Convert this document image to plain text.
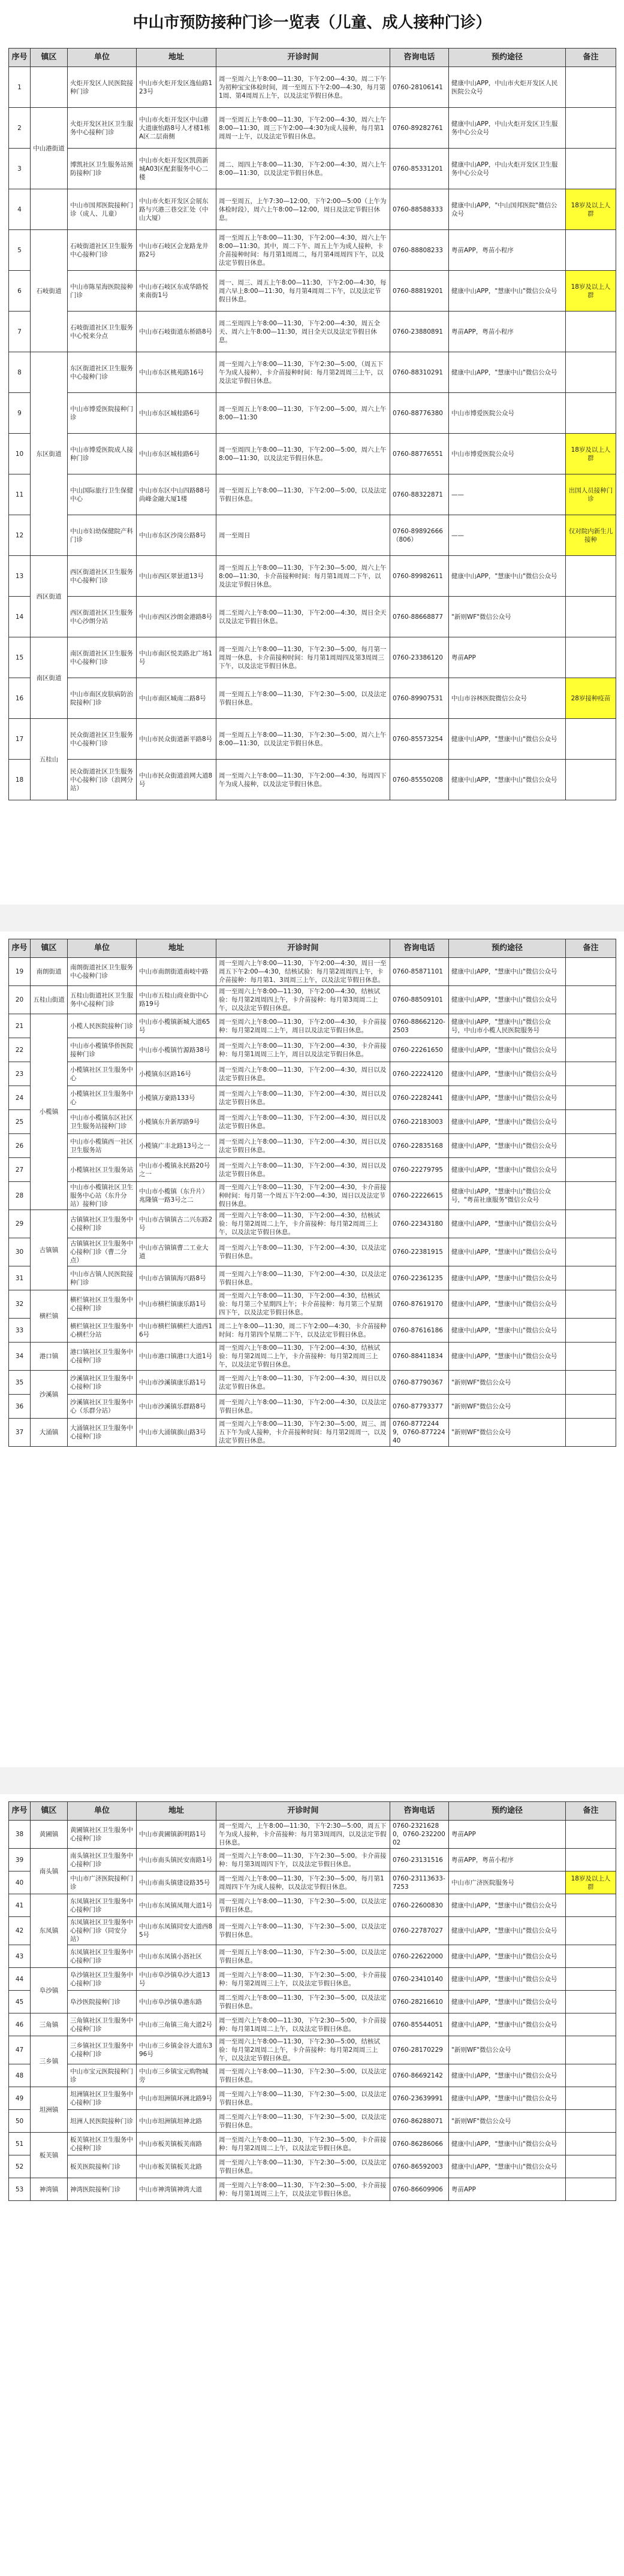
中山市预防接种门诊一览表（儿童、成人接种门诊）
序号	镇区	单位	地址	开诊时间	咨询电话	预约途径	备注
1		火炬开发区人民医院接种门诊	中山市火炬开发区逸仙路123号	周一至周六上午8:00—11:30，下午2:00—4:30。周二下午为初种宝宝体检时间，周一至周五下午2:00—4:30，每月第1周、第4周周五上午，以及法定节假日休息。	0760-28106141	健康中山APP，中山市火炬开发区人民医院公众号	
2	中山港街道	火炬开发区社区卫生服务中心接种门诊	中山市火炬开发区中山港大道康怡路8号人才楼1栋A区二层南侧	周一至周五上午8:00—11:30，下午2:00—4:30，周六上午8:00—11:30，周三下午2:00—4:30为成人接种，每月第1周周一上午，以及法定节假日休息。	0760-89282761	健康中山APP，中山火炬开发区卫生服务中心公众号	
3		博凯社区卫生服务站预防接种门诊	中山市火炬开发区凯茵新城A03区配套服务中心二楼	周二、周四上午8:00—11:30，下午2:00—4:30，周六上午8:00—11:30，以及法定节假日休息。	0760-85331201	健康中山APP，中山火炬开发区卫生服务中心公众号	
4		中山市国邦医院接种门诊（成人、儿童）	中山市火炬开发区会展东路与兴港三巷交汇处（中山大厦）	周一至周五，上午7:30—12:00，下午2:00—5:00（上午为体检时段），周六上午8:00—12:00，周日及法定节假日休息。	0760-88588333	健康中山APP，"中山国邦医院"微信公众号	18岁及以上人群
5	石岐街道	石岐街道社区卫生服务中心接种门诊	中山市石岐区会龙路龙井路2号	周一至周五上午8:00—11:30，下午2:00—4:30，周六上午8:00—11:30。其中，周二下午、周五上午为成人接种，卡介苗接种时间：每月第1周周二，每月第4周周四下午，以及法定节假日休息。	0760-88808233	粤苗APP，粤苗小程序	
6		中山市陈星海医院接种门诊	中山市石岐区东成华路悦来南街1号	周一、周三、周五上午8:00—11:30，下午2:00—4:30，每周六早上8:00—11:30，每月第4周周二下午，以及法定节假日休息。	0760-88819201	健康中山APP，"慧康中山"微信公众号	18岁及以上人群
7		石岐街道社区卫生服务中心悦来分点	中山市石岐街道东桥路8号	周二至周四上午8:00—11:30，下午2:00—4:30，周五全天、周六上午8:00—11:30，周日全天以及法定节假日休息。	0760-23880891	粤苗APP，粤苗小程序	
8	东区街道	东区街道社区卫生服务中心接种门诊	中山市东区桃苑路16号	周一至周六上午8:00—11:30，下午2:30—5:00，（周五下午为成人接种），卡介苗接种时间：每月第2周周三上午，以及法定节假日休息。	0760-88310291	健康中山APP，"慧康中山"微信公众号	
9		中山市博爱医院接种门诊	中山市东区城桂路6号	周一至周五上午8:00—11:30，下午2:00—5:00，周六上午8:00—11:30	0760-88776380	中山市博爱医院公众号	
10		中山市博爱医院成人接种门诊	中山市东区城桂路6号	周一至周四上午8:00—11:30，下午2:00—5:00，周六上午8:00—11:30，以及法定节假日休息。	0760-88776551	中山市博爱医院公众号	18岁及以上人群
11		中山国际旅行卫生保健中心	中山市东区中山四路88号尚峰金融大厦1楼	周一至周五上午8:00—11:30，下午2:00—5:00，以及法定节假日休息。	0760-88322871	——	出国人员接种门诊
12		中山市妇幼保健院产科门诊	中山市东区沙岗公路8号	周一至周日	0760-89892666（806）	——	仅对院内新生儿接种
13	西区街道	西区街道社区卫生服务中心接种门诊	中山市西区翠景道13号	周一至周五上午8:00—11:30，下午2:30—5:00，周六上午8:00—11:30，卡介苗接种时间：每月第1周周二下午，以及法定节假日休息。	0760-89982611	健康中山APP，"慧康中山"微信公众号	
14		西区街道社区卫生服务中心沙朗分站	中山市西区沙朗金港路8号	周二至周六上午8:00—11:30，下午2:00—4:30，周日全天以及法定节假日休息。	0760-88668877	"新则WF"微信公众号	
15	南区街道	南区街道社区卫生服务中心接种门诊	中山市南区悦美路北广场1号	周一至周六上午8:00—11:30，下午2:30—5:00，每月第一周周一休息，卡介苗接种时间：每月第1周周四及第3周周三下午，以及法定节假日休息。	0760-23386120	粤苗APP	
16		中山市南区皮肤病防治院接种门诊	中山市南区城南二路8号	周一至周五上午8:00—11:30，下午2:30—5:00，以及法定节假日休息。	0760-89907531	中山市谷林医院微信公众号	28岁接种疫苗
17	五桂山	民众街道社区卫生服务中心接种门诊	中山市民众街道新平路8号	周一至周五上午8:00—11:30，下午2:30—5:00，周六上午8:00—11:30，以及法定节假日休息。	0760-85573254	健康中山APP，"慧康中山"微信公众号	
18		民众街道社区卫生服务中心接种门诊（浪网分站）	中山市民众街道浪网大道8号	周一至周六上午8:00—11:30，下午2:00—4:30，每周四下午为成人接种，以及法定节假日休息。	0760-85550208	健康中山APP，"慧康中山"微信公众号	
序号	镇区	单位	地址	开诊时间	咨询电话	预约途径	备注
19	南朗街道	南朗街道社区卫生服务中心接种门诊	中山市南朗街道南岐中路	周一至周六上午8:00—11:30，下午2:00—4:30，周日一至周五下午2:00—4:30，结核试验：每月第2周周四上午，卡介苗接种：每月第1、3周周三上午，以及法定节假日休息。	0760-85871101	健康中山APP，"慧康中山"微信公众号	
20	五桂山街道	五桂山街道社区卫生服务中心接种门诊	中山市五桂山商业街中心路19号	周一至周六上午8:00—11:30，下午2:00—4:30，结核试验：每月第2周周四上午，卡介苗接种：每月第3周周二上午，以及法定节假日休息。	0760-88509101	健康中山APP，"慧康中山"微信公众号	
21	小榄镇	小榄人民医院接种门诊	中山市小榄镇新城大道65号	周一至周六上午8:00—11:30，下午2:00—4:30，卡介苗接种：每月第2周周二上午，周日以及法定节假日休息。	0760-88662120-2503	健康中山APP，"慧康中山"微信公众号，中山市小榄人民医院服务号	
22		中山市小榄镇华侨医院接种门诊	中山市小榄镇竹源路38号	周一至周六上午8:00—11:30，下午2:00—4:30，卡介苗接种：每月第1周周三上午，周日以及法定节假日休息。	0760-22261650	健康中山APP，"慧康中山"微信公众号	
23		小榄镇社区卫生服务中心	小榄镇东区路16号	周一至周六上午8:00—11:30，下午2:00—4:30，周日以及法定节假日休息。	0760-22224120	健康中山APP，"慧康中山"微信公众号	
24		小榄镇社区卫生服务中心	小榄镇万豪路133号	周一至周六上午8:00—11:30，下午2:00—4:30，周日以及法定节假日休息。	0760-22282441	健康中山APP，"慧康中山"微信公众号	
25		中山市小榄镇东区社区卫生服务站接种门诊	小榄镇东升新厚路9号	周一至周六上午8:00—11:30，下午2:00—4:30，周日以及法定节假日休息。	0760-22183003	健康中山APP，"慧康中山"微信公众号	
26		中山市小榄镇西一社区卫生服务站	小榄镇广丰北路13号之一	周一至周六上午8:00—11:30，下午2:00—4:30，周日以及法定节假日休息。	0760-22835168	健康中山APP，"慧康中山"微信公众号	
27		小榄镇社区卫生服务站	中山市小榄镇永民路20号之一	周一至周六上午8:00—11:30，下午2:00—4:30，周日以及法定节假日休息。	0760-22279795	健康中山APP，"慧康中山"微信公众号	
28		中山市小榄镇社区卫生服务中心站（东升分站）接种门诊	中山市小榄镇（东升片）兆隆镇一路3号之二	周一至周六上午8:00—11:30，下午2:00—4:30，卡介苗接种时间：每月第一个周五下午2:00—4:30，周日以及法定节假日休息。	0760-22226615	健康中山APP，"慧康中山"微信公众号，"粤苗社康服务"微信公众号	
29	古镇镇	古镇镇社区卫生服务中心接种门诊	中山市古镇镇古二兴东路2号	周一至周六上午8:00—11:30，下午2:00—4:30，结核试验：每月第2周周二上午，卡介苗接种：每月第2周周三上午，以及法定节假日休息。	0760-22343180	健康中山APP，"慧康中山"微信公众号	
30		古镇镇社区卫生服务中心接种门诊（曹二分点）	中山市古镇镇曹二工业大道	周一至周六上午8:00—11:30，下午2:00—4:30，以及法定节假日休息。	0760-22381915	健康中山APP，"慧康中山"微信公众号	
31		中山市古镇人民医院接种门诊	中山市古镇镇海兴路8号	周一至周六上午8:00—11:30，下午2:00—4:30，以及法定节假日休息。	0760-22361235	健康中山APP，"慧康中山"微信公众号	
32	横栏镇	横栏镇社区卫生服务中心接种门诊	中山市横栏镇康乐路1号	周一至周六上午8:00—11:30，下午2:00—4:30，结核试验：每月第三个星期四上午；卡介苗接种：每月第三个星期四下午，以及法定节假日休息。	0760-87619170	健康中山APP，"慧康中山"微信公众号	
33		横栏镇社区卫生服务中心横栏分站	中山市横栏镇横栏大道西16号	周二上午8:00—11:30，周二下午2:00—4:30，卡介苗接种时间：每月第四个星期二下午，以及法定节假日休息。	0760-87616186	健康中山APP，"慧康中山"微信公众号	
34	港口镇	港口镇社区卫生服务中心接种门诊	中山市港口镇港口大道1号	周一至周六上午8:00—11:30，下午2:00—4:30，结核试验：每月第2周周二上午，卡介苗接种：每月第2周周三上午，以及法定节假日休息。	0760-88411834	健康中山APP，"慧康中山"微信公众号	
35	沙溪镇	沙溪镇社区卫生服务中心接种门诊	中山市沙溪镇康乐路1号	周一至周六上午8:00—11:30，下午2:00—4:30，周日以及法定节假日休息。	0760-87790367	"新则WF"微信公众号	
36		沙溪镇社区卫生服务中心（乐群分站）	中山市沙溪镇乐群路8号	周一至周六上午8:00—11:30，下午2:00—4:30，以及法定节假日休息。	0760-87793377	"新则WF"微信公众号	
37	大涌镇	大涌镇社区卫生服务中心接种门诊	中山市大涌镇旗山路3号	周一至周六上午8:00—11:30，下午2:30—5:00，周三、周五下午为成人接种，卡介苗接种时间：每月第2周周一，以及法定节假日休息。	0760-87722449，0760-87722440	"新则WF"微信公众号	
序号	镇区	单位	地址	开诊时间	咨询电话	预约途径	备注
38	黄圃镇	黄圃镇社区卫生服务中心接种门诊	中山市黄圃镇新明路1号	周一至周六，上午8:00—11:30，下午2:30—5:00，周五下午为成人接种，卡介苗接种：每月第3周周四，以及法定节假日休息。	0760-23216280，0760-23220002	粤苗APP	
39	南头镇	南头镇社区卫生服务中心接种门诊	中山市南头镇民安南路1号	周一至周六上午8:00—11:30，下午2:30—5:00。卡介苗接种：每月第3周周四下午，以及法定节假日休息。	0760-23131516	粤苗APP，粤苗小程序	
40		中山市广济医院接种门诊	中山市南头镇建设路35号	周一至周六上午8:00—11:30，下午2:30—5:00，每月第1周周四下午为成人接种，以及法定节假日休息。	0760-23113633-7253	中山市广济医院服务号	18岁及以上人群
41	东凤镇	东凤镇社区卫生服务中心接种门诊	中山市东凤镇凤翔大道1号	周一至周六上午8:00—11:30，下午2:30—5:00，以及法定节假日休息。	0760-22600830	健康中山APP，"慧康中山"微信公众号	
42		东凤镇社区卫生服务中心接种门诊（同安分站）	中山市东凤镇同安大道西85号	周一至周六上午8:00—11:30，下午2:30—5:00，以及法定节假日休息。	0760-22787027	健康中山APP，"慧康中山"微信公众号	
43		东凤镇社区卫生服务中心接种门诊	中山市东凤镇小沥社区	周一至周五上午8:00—11:30，下午2:30—5:00，以及法定节假日休息。	0760-22622000	健康中山APP，"慧康中山"微信公众号	
44	阜沙镇	阜沙镇社区卫生服务中心接种门诊	中山市阜沙镇阜沙大道13号	周一至周六上午8:00—11:30，下午2:30—5:00，卡介苗接种：每月第2周周三上午，以及法定节假日休息。	0760-23410140	健康中山APP，"慧康中山"微信公众号	
45		阜沙医院接种门诊	中山市阜沙镇阜港东路	周二至周六上午8:00—11:30，下午2:30—5:00，以及法定节假日休息。	0760-28216610	健康中山APP，"慧康中山"微信公众号	
46	三角镇	三角镇社区卫生服务中心接种门诊	中山市三角镇三角大道2号	周一至周六上午8:00—11:30，下午2:30—5:00，卡介苗接种：每月第1周周二上午，以及法定节假日休息。	0760-85544051	健康中山APP，"慧康中山"微信公众号	
47	三乡镇	三乡镇社区卫生服务中心接种门诊	中山市三乡镇金谷大道东396号	周一至周六上午8:00—11:30，下午2:30—5:00，结核试验：每月第2周周二上午，卡介苗接种：每月第2周周三上午，以及法定节假日休息。	0760-28170229	"新则WF"微信公众号	
48		中山市宝元医院接种门诊	中山市三乡镇宝元购物城旁	周一至周六上午8:00—11:30，下午2:30—5:00，以及法定节假日休息。	0760-86692142	健康中山APP，"慧康中山"微信公众号	
49	坦洲镇	坦洲镇社区卫生服务中心接种门诊	中山市坦洲镇环洲北路9号	周一至周六上午8:00—11:30，下午2:30—5:00，以及法定节假日休息。	0760-23639991	健康中山APP，"慧康中山"微信公众号	
50		坦洲人民医院接种门诊	中山市坦洲镇坦神北路	周二至周六上午8:00—11:30，下午2:30—5:00，以及法定节假日休息。	0760-86288071	"新则WF"微信公众号	
51	板芙镇	板芙镇社区卫生服务中心接种门诊	中山市板芙镇板芙南路	周一至周六上午8:00—11:30，下午2:30—5:00，卡介苗接种：每月第2周周二上午，以及法定节假日休息。	0760-86286066	健康中山APP，"慧康中山"微信公众号	
52		板芙医院接种门诊	中山市板芙镇板芙北路	周一至周六上午8:00—11:30，下午2:30—5:00，以及法定节假日休息。	0760-86592003	健康中山APP，"慧康中山"微信公众号	
53	神湾镇	神湾医院接种门诊	中山市神湾镇神湾大道	周一至周六上午8:00—11:30，下午2:30—5:00，卡介苗接种：每月第1周周三上午，以及法定节假日休息。	0760-86609906	粤苗APP	
